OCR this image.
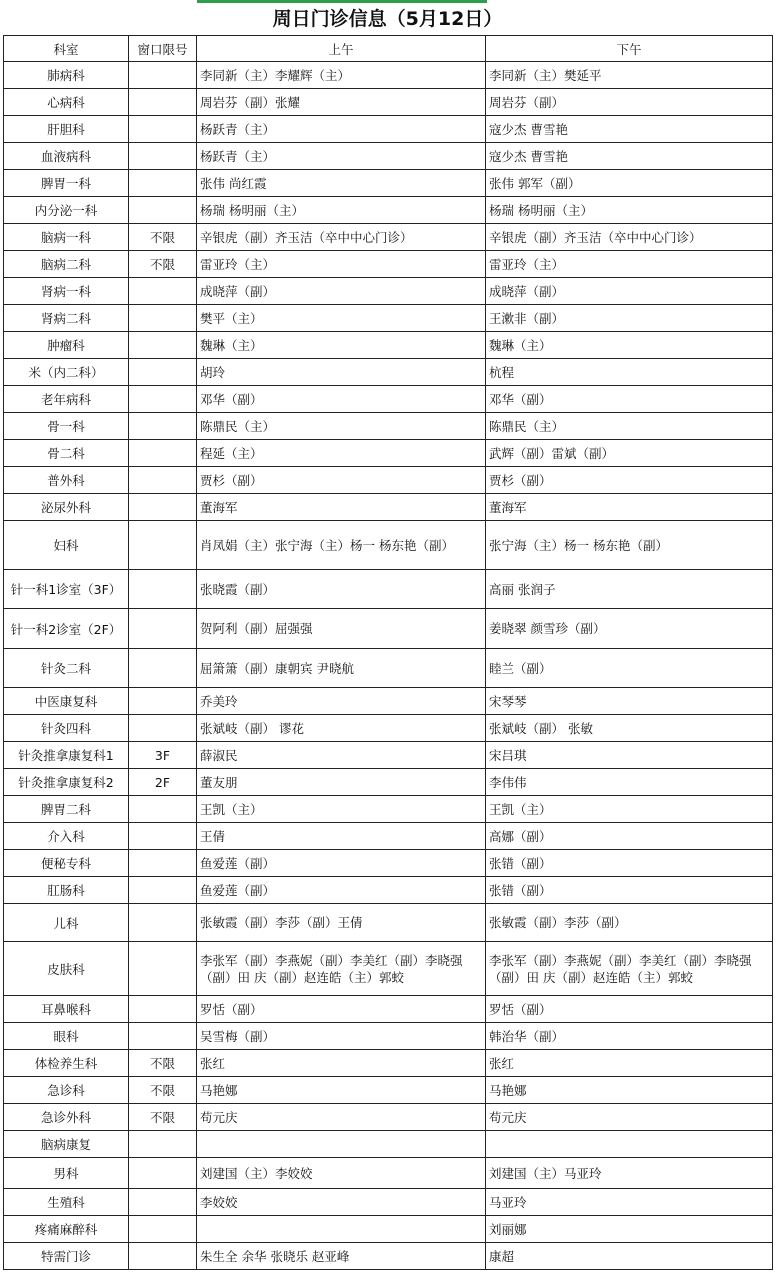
周日门诊信息（5月12日）
科室	窗口限号	上午	下午
肺病科		李同新（主）李耀辉（主）	李同新（主）樊延平
心病科		周岩芬（副）张耀	周岩芬（副）
肝胆科		杨跃青（主）	寇少杰 曹雪艳
血液病科		杨跃青（主）	寇少杰 曹雪艳
脾胃一科		张伟 尚红霞	张伟 郭军（副）
内分泌一科		杨瑞 杨明丽（主）	杨瑞 杨明丽（主）
脑病一科	不限	辛银虎（副）齐玉洁（卒中中心门诊）	辛银虎（副）齐玉洁（卒中中心门诊）
脑病二科	不限	雷亚玲（主）	雷亚玲（主）
肾病一科		成晓萍（副）	成晓萍（副）
肾病二科		樊平（主）	王漱非（副）
肿瘤科		魏琳（主）	魏琳（主）
米（内二科）		胡玲	杭程
老年病科		邓华（副）	邓华（副）
骨一科		陈鼎民（主）	陈鼎民（主）
骨二科		程延（主）	武辉（副）雷斌（副）
普外科		贾杉（副）	贾杉（副）
泌尿外科		董海军	董海军
妇科		肖凤娟（主）张宁海（主）杨一 杨东艳（副）	张宁海（主）杨一 杨东艳（副）
针一科1诊室（3F）		张晓霞（副）	高丽 张润子
针一科2诊室（2F）		贺阿利（副）屈强强	姜晓翠 颜雪珍（副）
针灸二科		屈箫箫（副）康朝宾 尹晓航	睦兰（副）
中医康复科		乔美玲	宋琴琴
针灸四科		张斌岐（副） 谬花	张斌岐（副） 张敏
针灸推拿康复科1	3F	薛淑民	宋吕琪
针灸推拿康复科2	2F	董友朋	李伟伟
脾胃二科		王凯（主）	王凯（主）
介入科		王倩	高娜（副）
便秘专科		鱼爱莲（副）	张错（副）
肛肠科		鱼爱莲（副）	张错（副）
儿科		张敏霞（副）李莎（副）王倩	张敏霞（副）李莎（副）
皮肤科		李张军（副）李燕妮（副）李美红（副）李晓强（副）田 庆（副）赵连皓（主）郭蛟	李张军（副）李燕妮（副）李美红（副）李晓强（副）田 庆（副）赵连皓（主）郭蛟
耳鼻喉科		罗恬（副）	罗恬（副）
眼科		吴雪梅（副）	韩治华（副）
体检养生科	不限	张红	张红
急诊科	不限	马艳娜	马艳娜
急诊外科	不限	苟元庆	苟元庆
脑病康复			
男科		刘建国（主）李姣姣	刘建国（主）马亚玲
生殖科		李姣姣	马亚玲
疼痛麻醉科			刘丽娜
特需门诊		朱生全 余华 张晓乐 赵亚峰	康超
